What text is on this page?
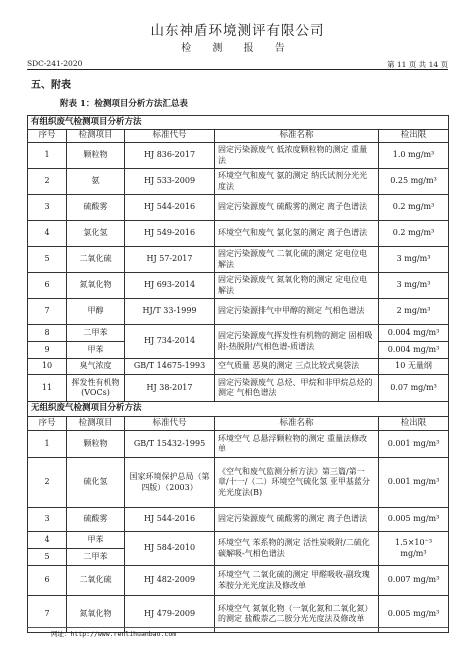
山东神盾环境测评有限公司
检 测 报 告
SDC-241-2020	第 11 页 共 14 页
五、附表
附表 1：检测项目分析方法汇总表
有组织废气检测项目分析方法				
序号	检测项目	标准代号	标准名称	检出限
1	颗粒物	HJ 836-2017	固定污染源废气 低浓度颗粒物的测定 重量法	1.0 mg/m³
2	氨	HJ 533-2009	环境空气和废气 氨的测定 纳氏试剂分光光度法	0.25 mg/m³
3	硫酸雾	HJ 544-2016	固定污染源废气 硫酸雾的测定 离子色谱法	0.2 mg/m³
4	氯化氢	HJ 549-2016	环境空气和废气 氯化氢的测定 离子色谱法	0.2 mg/m³
5	二氧化硫	HJ 57-2017	固定污染源废气 二氧化硫的测定 定电位电解法	3 mg/m³
6	氮氧化物	HJ 693-2014	固定污染源废气 氮氧化物的测定 定电位电解法	3 mg/m³
7	甲醇	HJ/T 33-1999	固定污染源排气中甲醇的测定 气相色谱法	2 mg/m³
8	二甲苯	HJ 734-2014	固定污染源废气挥发性有机物的测定 固相吸附-热脱附/气相色谱-质谱法	0.004 mg/m³
9	甲苯			0.004 mg/m³
10	臭气浓度	GB/T 14675-1993	空气质量 恶臭的测定 三点比较式臭袋法	10 无量纲
11	挥发性有机物(VOCs)	HJ 38-2017	固定污染源废气 总烃、甲烷和非甲烷总烃的测定 气相色谱法	0.07 mg/m³
无组织废气检测项目分析方法				
序号	检测项目	标准代号	标准名称	检出限
1	颗粒物	GB/T 15432-1995	环境空气 总悬浮颗粒物的测定 重量法修改单	0.001 mg/m³
2	硫化氢	国家环境保护总局（第四版）（2003）	《空气和废气监测分析方法》第三篇/第一章/十一/（二）环境空气硫化氢 亚甲基蓝分光光度法(B)	0.001 mg/m³
3	硫酸雾	HJ 544-2016	固定污染源废气 硫酸雾的测定 离子色谱法	0.005 mg/m³
4	甲苯	HJ 584-2010	环境空气 苯系物的测定 活性炭吸附/二硫化碳解吸-气相色谱法	1.5×10⁻³ mg/m³
5	二甲苯			
6	二氧化硫	HJ 482-2009	环境空气 二氧化硫的测定 甲醛吸收-副玫瑰苯胺分光光度法及修改单	0.007 mg/m³
7	氮氧化物	HJ 479-2009	环境空气 氮氧化物（一氧化氮和二氧化氮）的测定 盐酸萘乙二胺分光光度法及修改单	0.005 mg/m³
网址：http://www.renlihuanbao.com
